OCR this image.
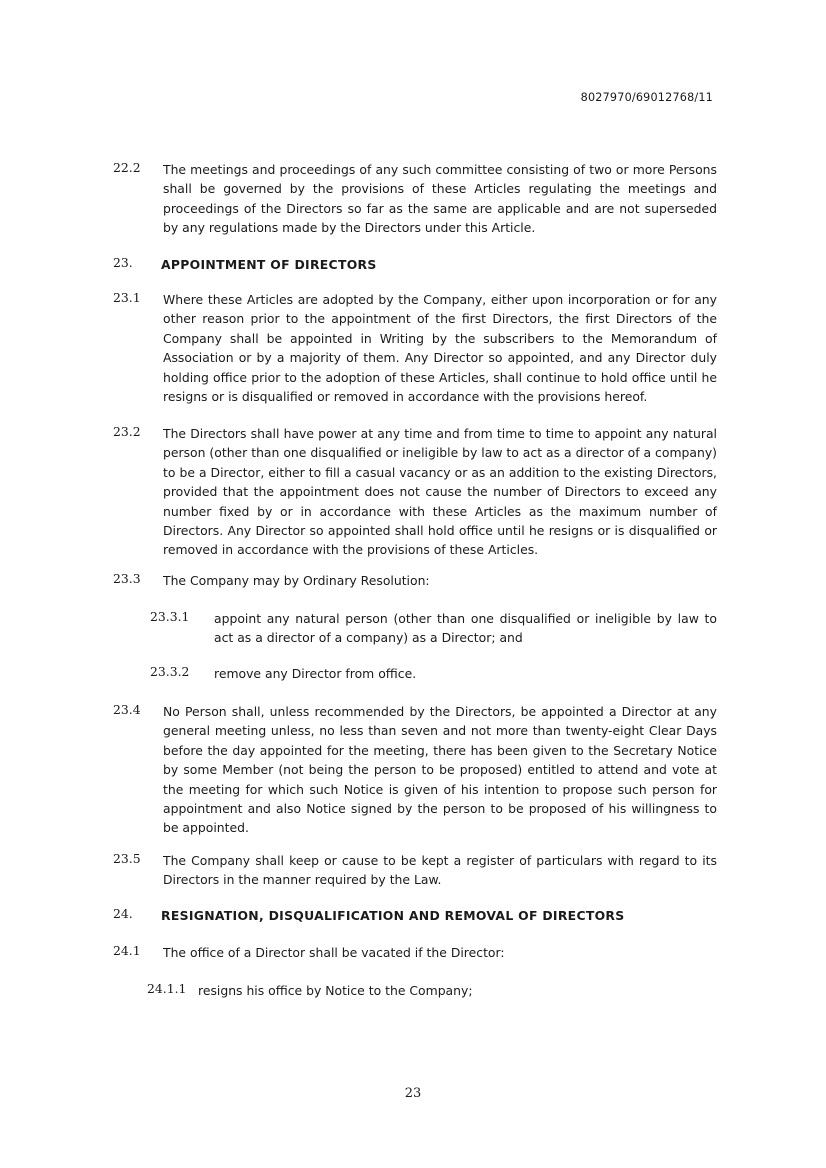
8027970/69012768/11
22.2 The meetings and proceedings of any such committee consisting of two or more Persons shall be governed by the provisions of these Articles regulating the meetings and proceedings of the Directors so far as the same are applicable and are not superseded by any regulations made by the Directors under this Article.
23. APPOINTMENT OF DIRECTORS
23.1 Where these Articles are adopted by the Company, either upon incorporation or for any other reason prior to the appointment of the first Directors, the first Directors of the Company shall be appointed in Writing by the subscribers to the Memorandum of Association or by a majority of them. Any Director so appointed, and any Director duly holding office prior to the adoption of these Articles, shall continue to hold office until he resigns or is disqualified or removed in accordance with the provisions hereof.
23.2 The Directors shall have power at any time and from time to time to appoint any natural person (other than one disqualified or ineligible by law to act as a director of a company) to be a Director, either to fill a casual vacancy or as an addition to the existing Directors, provided that the appointment does not cause the number of Directors to exceed any number fixed by or in accordance with these Articles as the maximum number of Directors. Any Director so appointed shall hold office until he resigns or is disqualified or removed in accordance with the provisions of these Articles.
23.3 The Company may by Ordinary Resolution:
23.3.1 appoint any natural person (other than one disqualified or ineligible by law to act as a director of a company) as a Director; and
23.3.2 remove any Director from office.
23.4 No Person shall, unless recommended by the Directors, be appointed a Director at any general meeting unless, no less than seven and not more than twenty-eight Clear Days before the day appointed for the meeting, there has been given to the Secretary Notice by some Member (not being the person to be proposed) entitled to attend and vote at the meeting for which such Notice is given of his intention to propose such person for appointment and also Notice signed by the person to be proposed of his willingness to be appointed.
23.5 The Company shall keep or cause to be kept a register of particulars with regard to its Directors in the manner required by the Law.
24. RESIGNATION, DISQUALIFICATION AND REMOVAL OF DIRECTORS
24.1 The office of a Director shall be vacated if the Director:
24.1.1 resigns his office by Notice to the Company;
23
